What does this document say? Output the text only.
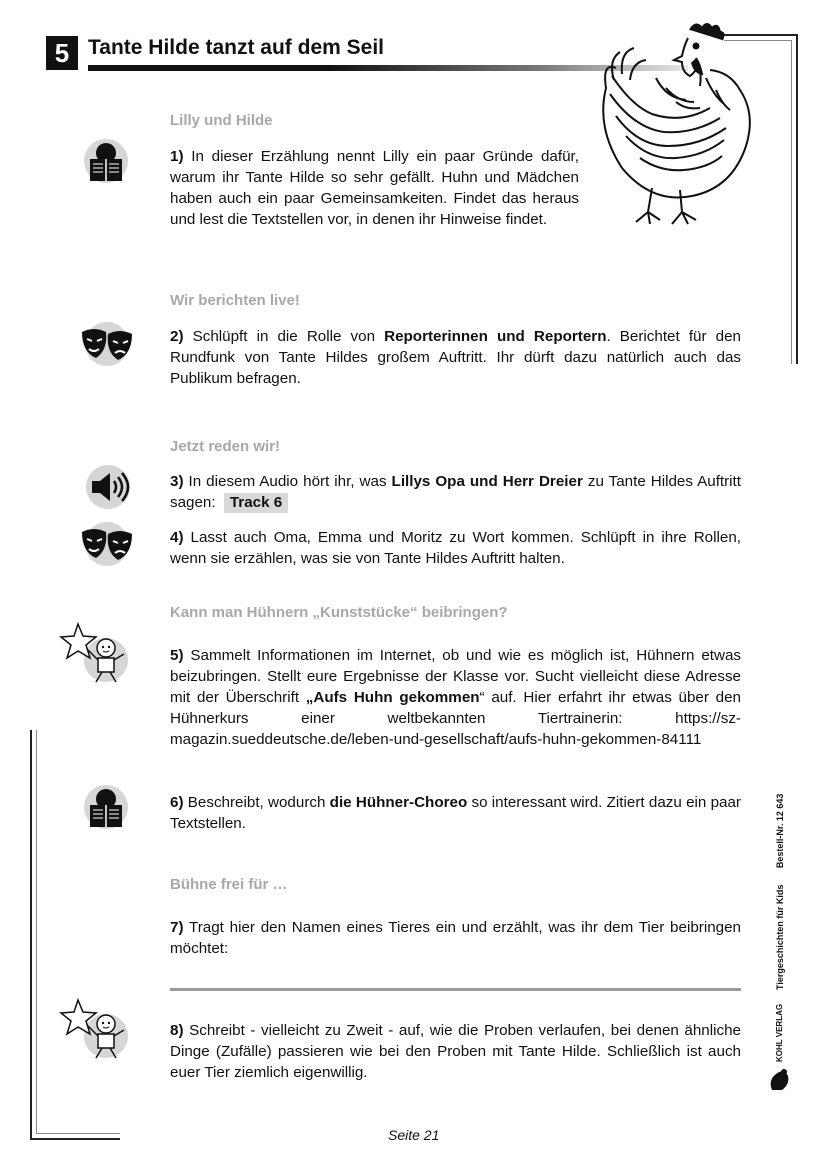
5 Tante Hilde tanzt auf dem Seil
Lilly und Hilde
1) In dieser Erzählung nennt Lilly ein paar Gründe dafür, warum ihr Tante Hilde so sehr gefällt. Huhn und Mädchen haben auch ein paar Gemeinsamkeiten. Findet das heraus und lest die Textstellen vor, in denen ihr Hinweise findet.
Wir berichten live!
2) Schlüpft in die Rolle von Reporterinnen und Reportern. Berichtet für den Rundfunk von Tante Hildes großem Auftritt. Ihr dürft dazu natürlich auch das Publikum befragen.
Jetzt reden wir!
3) In diesem Audio hört ihr, was Lillys Opa und Herr Dreier zu Tante Hildes Auftritt sagen: Track 6
4) Lasst auch Oma, Emma und Moritz zu Wort kommen. Schlüpft in ihre Rollen, wenn sie erzählen, was sie von Tante Hildes Auftritt halten.
Kann man Hühnern „Kunststücke“ beibringen?
5) Sammelt Informationen im Internet, ob und wie es möglich ist, Hühnern etwas beizubringen. Stellt eure Ergebnisse der Klasse vor. Sucht vielleicht diese Adresse mit der Überschrift „Aufs Huhn gekommen“ auf. Hier erfahrt ihr etwas über den Hühnerkurs einer weltbekannten Tiertrainerin: https://sz-magazin.sueddeutsche.de/leben-und-gesellschaft/aufs-huhn-gekommen-84111
6) Beschreibt, wodurch die Hühner-Choreo so interessant wird. Zitiert dazu ein paar Textstellen.
Bühne frei für …
7) Tragt hier den Namen eines Tieres ein und erzählt, was ihr dem Tier beibringen möchtet:
8) Schreibt - vielleicht zu Zweit - auf, wie die Proben verlaufen, bei denen ähnliche Dinge (Zufälle) passieren wie bei den Proben mit Tante Hilde. Schließlich ist auch euer Tier ziemlich eigenwillig.
Tiergeschichten für Kids Bestell-Nr. 12 643
KOHL VERLAG
Seite 21
